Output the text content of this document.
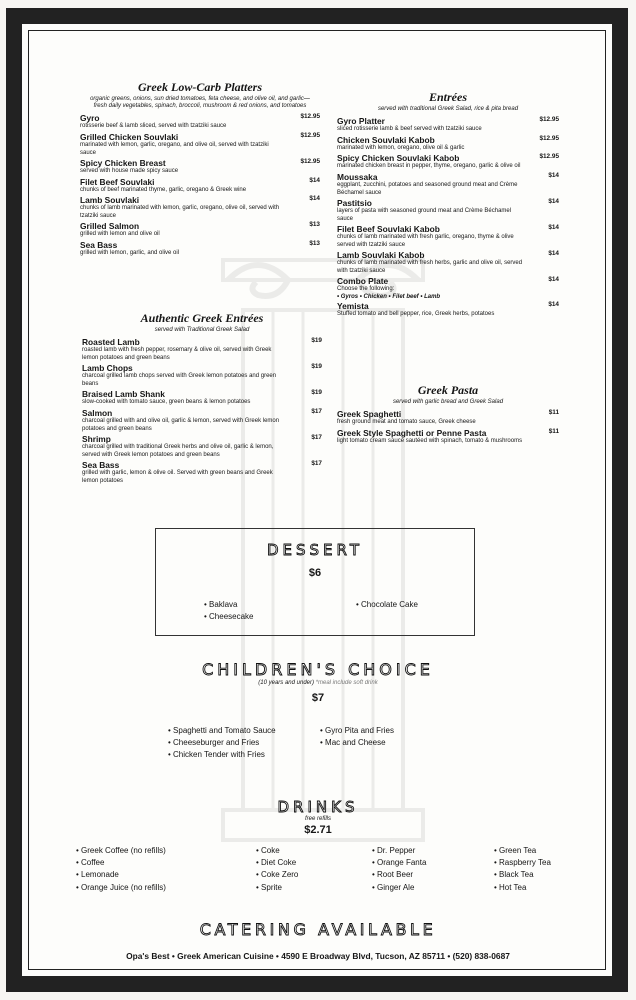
Greek Low-Carb Platters
organic greens, onions, sun dried tomatoes, feta cheese, and olive oil, and garlic—fresh daily vegetables, spinach, broccoli, mushroom & red onions, and tomatoes
Gyro	$12.95
rotisserie beef & lamb sliced, served with tzatziki sauce
Grilled Chicken Souvlaki	$12.95
marinated with lemon, garlic, oregano, and olive oil, served with tzatziki sauce
Spicy Chicken Breast	$12.95
served with house made spicy sauce
Filet Beef Souvlaki	$14
chunks of beef marinated thyme, garlic, oregano & Greek wine
Lamb Souvlaki	$14
chunks of lamb marinated with lemon, garlic, oregano, olive oil, served with tzatziki sauce
Grilled Salmon	$13
grilled with lemon and olive oil
Sea Bass	$13
grilled with lemon, garlic, and olive oil
Authentic Greek Entrées
served with Traditional Greek Salad
Roasted Lamb	$19
roasted lamb with fresh pepper, rosemary & olive oil, served with Greek lemon potatoes and green beans
Lamb Chops	$19
charcoal grilled lamb chops served with Greek lemon potatoes and green beans
Braised Lamb Shank	$19
slow-cooked with tomato sauce, green beans & lemon potatoes
Salmon	$17
charcoal grilled with and olive oil, garlic & lemon, served with Greek lemon potatoes and green beans
Shrimp	$17
charcoal grilled with traditional Greek herbs and olive oil, garlic & lemon, served with Greek lemon potatoes and green beans
Sea Bass	$17
grilled with garlic, lemon & olive oil. Served with green beans and Greek lemon potatoes
Entrées
served with traditional Greek Salad, rice & pita bread
Gyro Platter	$12.95
sliced rotisserie lamb & beef served with tzatziki sauce
Chicken Souvlaki Kabob	$12.95
marinated with lemon, oregano, olive oil & garlic
Spicy Chicken Souvlaki Kabob	$12.95
marinated chicken breast in pepper, thyme, oregano, garlic & olive oil
Moussaka	$14
eggplant, zucchini, potatoes and seasoned ground meat and Crème Béchamel sauce
Pastitsio	$14
layers of pasta with seasoned ground meat and Crème Béchamel sauce
Filet Beef Souvlaki Kabob	$14
chunks of lamb marinated with fresh garlic, oregano, thyme & olive served with tzatziki sauce
Lamb Souvlaki Kabob	$14
chunks of lamb marinated with fresh herbs, garlic and olive oil, served with tzatziki sauce
Combo Plate	$14
Choose the following:
• Gyros • Chicken • Filet beef • Lamb
Yemista	$14
Stuffed tomato and bell pepper, rice, Greek herbs, potatoes
Greek Pasta
served with garlic bread and Greek Salad
Greek Spaghetti	$11
fresh ground meat and tomato sauce, Greek cheese
Greek Style Spaghetti or Penne Pasta	$11
light tomato cream sauce sautéed with spinach, tomato & mushrooms
DESSERT
$6
• Baklava
• Cheesecake
• Chocolate Cake
CHILDREN'S CHOICE
(10 years and under) *meal include soft drink
$7
• Spaghetti and Tomato Sauce
• Cheeseburger and Fries
• Chicken Tender with Fries
• Gyro Pita and Fries
• Mac and Cheese
DRINKS
free refills
$2.71
• Greek Coffee (no refills)
• Coffee
• Lemonade
• Orange Juice (no refills)
• Coke
• Diet Coke
• Coke Zero
• Sprite
• Dr. Pepper
• Orange Fanta
• Root Beer
• Ginger Ale
• Green Tea
• Raspberry Tea
• Black Tea
• Hot Tea
CATERING AVAILABLE
Opa's Best • Greek American Cuisine • 4590 E Broadway Blvd, Tucson, AZ 85711 • (520) 838-0687
